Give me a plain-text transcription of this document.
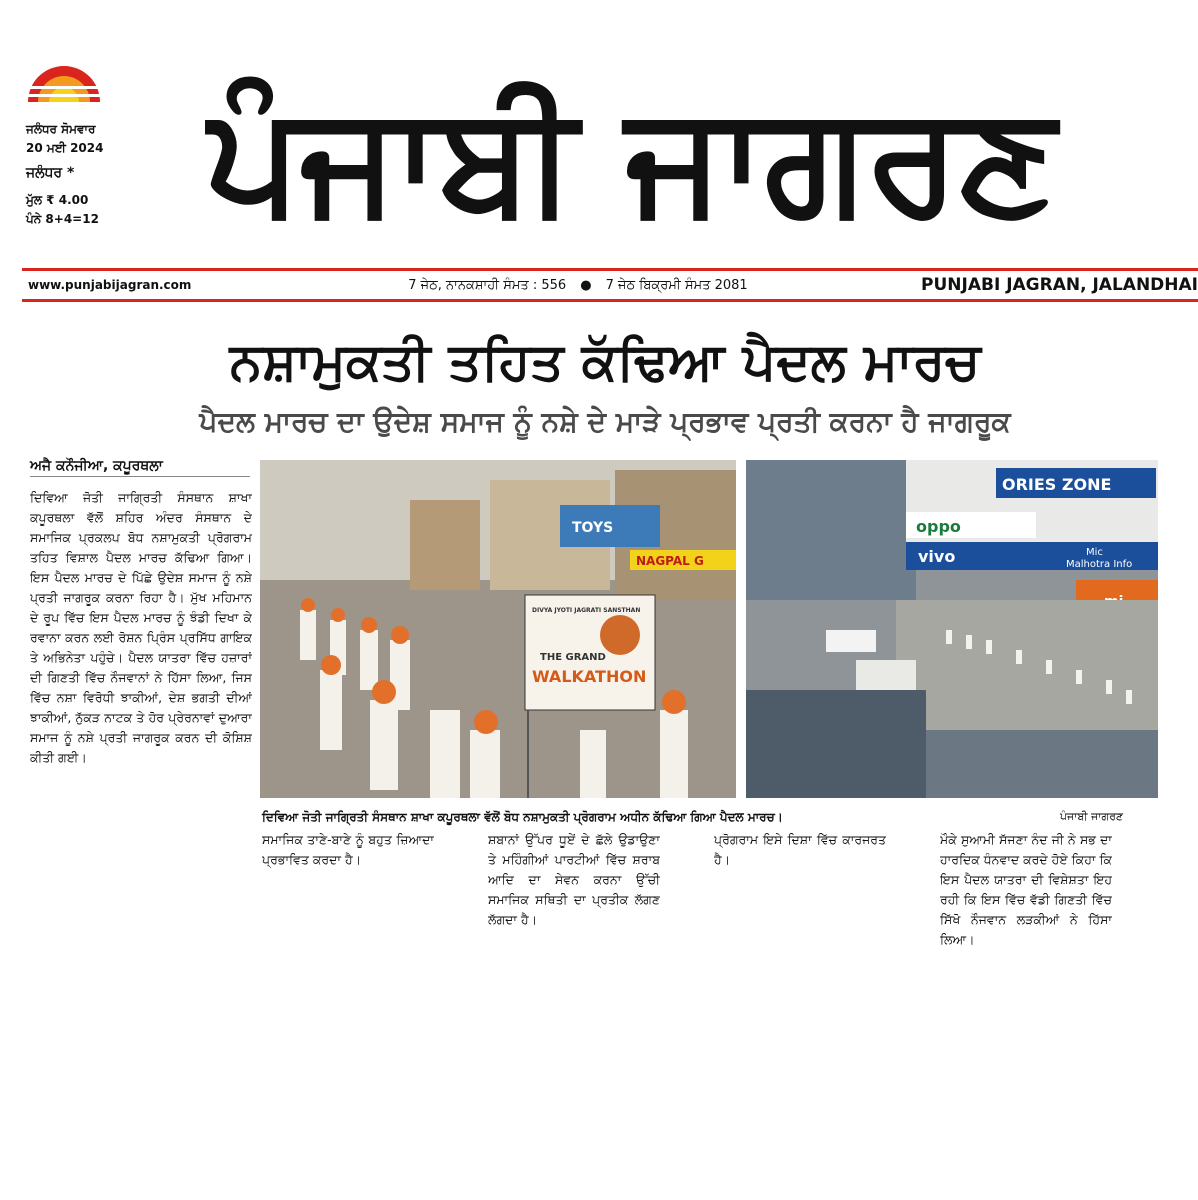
ਜਲੰਧਰ ਸੋਮਵਾਰ
20 ਮਈ 2024
ਜਲੰਧਰ *
ਮੁੱਲ ₹ 4.00
ਪੰਨੇ 8+4=12 ਪੰਜਾਬੀ ਜਾਗਰਣ
www.punjabijagran.com	7 ਜੇਠ, ਨਾਨਕਸ਼ਾਹੀ ਸੰਮਤ : 556 ● 7 ਜੇਠ ਬਿਕ੍ਰਮੀ ਸੰਮਤ 2081	PUNJABI JAGRAN, JALANDHAI
ਨਸ਼ਾਮੁਕਤੀ ਤਹਿਤ ਕੱਢਿਆ ਪੈਦਲ ਮਾਰਚ
ਪੈਦਲ ਮਾਰਚ ਦਾ ਉਦੇਸ਼ ਸਮਾਜ ਨੂੰ ਨਸ਼ੇ ਦੇ ਮਾੜੇ ਪ੍ਰਭਾਵ ਪ੍ਰਤੀ ਕਰਨਾ ਹੈ ਜਾਗਰੂਕ
ਅਜੈ ਕਨੌਜੀਆ, ਕਪੂਰਥਲਾ

ਦਿਵਿਆ ਜੋਤੀ ਜਾਗ੍ਰਿਤੀ ਸੰਸਥਾਨ ਸ਼ਾਖਾ ਕਪੂਰਥਲਾ ਵੱਲੋਂ ਸ਼ਹਿਰ ਅੰਦਰ ਸੰਸਥਾਨ ਦੇ ਸਮਾਜਿਕ ਪ੍ਰਕਲਪ ਬੋਧ ਨਸ਼ਾਮੁਕਤੀ ਪ੍ਰੋਗਰਾਮ ਤਹਿਤ ਵਿਸ਼ਾਲ ਪੈਦਲ ਮਾਰਚ ਕੱਢਿਆ ਗਿਆ। ਇਸ ਪੈਦਲ ਮਾਰਚ ਦੇ ਪਿੱਛੇ ਉਦੇਸ਼ ਸਮਾਜ ਨੂੰ ਨਸ਼ੇ ਪ੍ਰਤੀ ਜਾਗਰੂਕ ਕਰਨਾ ਰਿਹਾ ਹੈ। ਮੁੱਖ ਮਹਿਮਾਨ ਦੇ ਰੂਪ ਵਿੱਚ ਇਸ ਪੈਦਲ ਮਾਰਚ ਨੂੰ ਝੰਡੀ ਦਿਖਾ ਕੇ ਰਵਾਨਾ ਕਰਨ ਲਈ ਰੋਸ਼ਨ ਪ੍ਰਿੰਸ ਪ੍ਰਸਿੱਧ ਗਾਇਕ ਤੇ ਅਭਿਨੇਤਾ ਪਹੁੰਚੇ। ਪੈਦਲ ਯਾਤਰਾ ਵਿੱਚ ਹਜ਼ਾਰਾਂ ਦੀ ਗਿਣਤੀ ਵਿੱਚ ਨੌਜਵਾਨਾਂ ਨੇ ਹਿੱਸਾ ਲਿਆ, ਜਿਸ ਵਿੱਚ ਨਸ਼ਾ ਵਿਰੋਧੀ ਝਾਕੀਆਂ, ਦੇਸ਼ ਭਗਤੀ ਦੀਆਂ ਝਾਕੀਆਂ, ਨੁੱਕੜ ਨਾਟਕ ਤੇ ਹੋਰ ਪ੍ਰੇਰਨਾਵਾਂ ਦੁਆਰਾ ਸਮਾਜ ਨੂੰ ਨਸ਼ੇ ਪ੍ਰਤੀ ਜਾਗਰੂਕ ਕਰਨ ਦੀ ਕੋਸ਼ਿਸ਼ ਕੀਤੀ ਗਈ।

TOYS
NAGPAL G
DIVYA JYOTI JAGRATI SANSTHAN
THE GRAND
WALKATHON
ORIES ZONE
oppo
vivo	Mic
Malhotra Info
ਦਿਵਿਆ ਜੋਤੀ ਜਾਗ੍ਰਿਤੀ ਸੰਸਥਾਨ ਸ਼ਾਖਾ ਕਪੂਰਥਲਾ ਵੱਲੋਂ ਬੋਧ ਨਸ਼ਾਮੁਕਤੀ ਪ੍ਰੋਗਰਾਮ ਅਧੀਨ ਕੱਢਿਆ ਗਿਆ ਪੈਦਲ ਮਾਰਚ।	ਪੰਜਾਬੀ ਜਾਗਰਣ

ਸਮਾਜਿਕ ਤਾਣੇ-ਬਾਣੇ ਨੂੰ ਬਹੁਤ ਜ਼ਿਆਦਾ ਪ੍ਰਭਾਵਿਤ ਕਰਦਾ ਹੈ।

ਸ਼ਬਾਨਾਂ ਉੱਪਰ ਧੂਏਂ ਦੇ ਛੱਲੇ ਉਡਾਉਣਾ ਤੇ ਮਹਿੰਗੀਆਂ ਪਾਰਟੀਆਂ ਵਿੱਚ ਸ਼ਰਾਬ ਆਦਿ ਦਾ ਸੇਵਨ ਕਰਨਾ ਉੱਚੀ ਸਮਾਜਿਕ ਸਥਿਤੀ ਦਾ ਪ੍ਰਤੀਕ ਲੱਗਣ ਲੱਗਦਾ ਹੈ।

ਪ੍ਰੋਗਰਾਮ ਇਸੇ ਦਿਸ਼ਾ ਵਿੱਚ ਕਾਰਜਰਤ ਹੈ।

ਮੌਕੇ ਸੁਆਮੀ ਸੱਜਣਾ ਨੰਦ ਜੀ ਨੇ ਸਭ ਦਾ ਹਾਰਦਿਕ ਧੰਨਵਾਦ ਕਰਦੇ ਹੋਏ ਕਿਹਾ ਕਿ ਇਸ ਪੈਦਲ ਯਾਤਰਾ ਦੀ ਵਿਸ਼ੇਸ਼ਤਾ ਇਹ ਰਹੀ ਕਿ ਇਸ ਵਿੱਚ ਵੱਡੀ ਗਿਣਤੀ ਵਿੱਚ ਸਿੱਖੋ ਨੌਜਵਾਨ ਲੜਕੀਆਂ ਨੇ ਹਿੱਸਾ ਲਿਆ।
